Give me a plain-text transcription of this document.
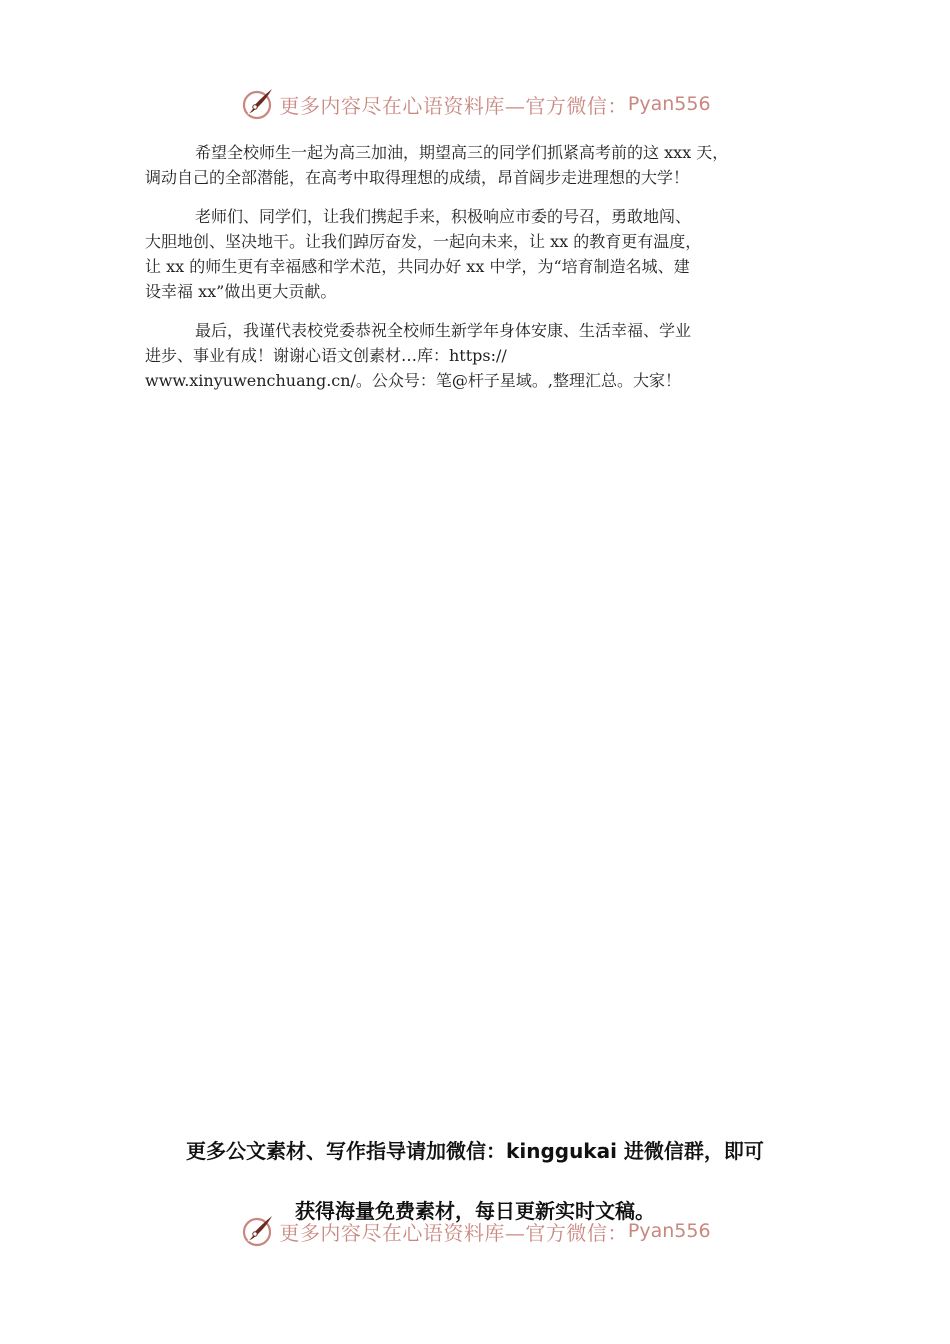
更多内容尽在心语资料库—官方微信： Pyan556

希望全校师生一起为高三加油，期望高三的同学们抓紧高考前的这 xxx 天，
调动自己的全部潜能，在高考中取得理想的成绩，昂首阔步走进理想的大学！

老师们、同学们，让我们携起手来，积极响应市委的号召，勇敢地闯、
大胆地创、坚决地干。让我们踔厉奋发，一起向未来，让 xx 的教育更有温度，
让 xx 的师生更有幸福感和学术范，共同办好 xx 中学，为“培育制造名城、建
设幸福 xx”做出更大贡献。

最后，我谨代表校党委恭祝全校师生新学年身体安康、生活幸福、学业
进步、事业有成！谢谢心语文创素材…库：https://
www.xinyuwenchuang.cn/。公众号：笔@杆子星域。,整理汇总。大家！

更多公文素材、写作指导请加微信：kinggukai 进微信群，即可

获得海量免费素材，每日更新实时文稿。
更多内容尽在心语资料库—官方微信： Pyan556
